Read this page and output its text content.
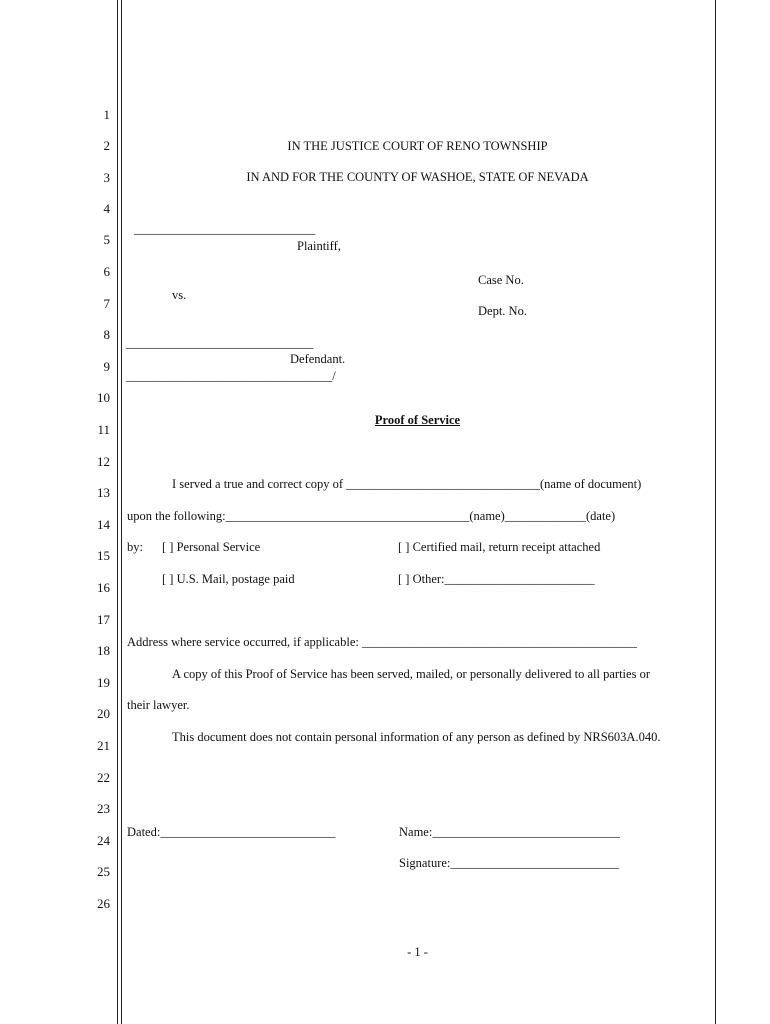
1
2
3
4
5
6
7
8
9
10
11
12
13
14
15
16
17
18
19
20
21
22
23
24
25
26
IN THE JUSTICE COURT OF RENO TOWNSHIP
IN AND FOR THE COUNTY OF WASHOE, STATE OF NEVADA
_____________________________
Plaintiff,
vs.
Case No.
Dept. No.
______________________________
Defendant.
_________________________________/
Proof of Service
I served a true and correct copy of _______________________________(name of document)
upon the following:_______________________________________(name)_____________(date)
by: [ ] Personal Service	[ ] Certified mail, return receipt attached
[ ] U.S. Mail, postage paid	[ ] Other:________________________
Address where service occurred, if applicable: ____________________________________________
A copy of this Proof of Service has been served, mailed, or personally delivered to all parties or
their lawyer.
This document does not contain personal information of any person as defined by NRS603A.040.
Dated:____________________________	Name:______________________________
Signature:___________________________
- 1 -
